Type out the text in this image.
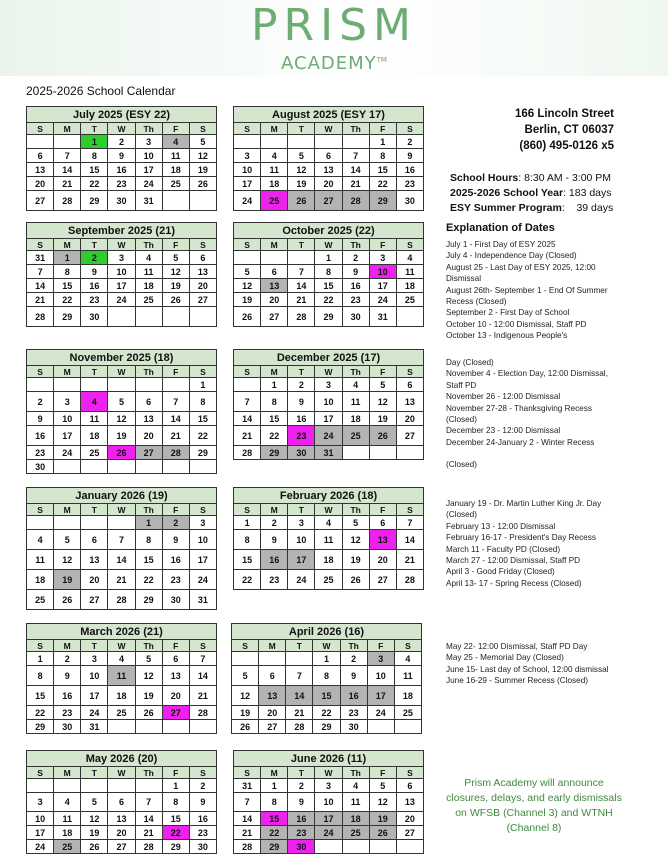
PRISM
ACADEMY™
2025-2026 School Calendar
July 2025 (ESY 22)						
S	M	T	W	Th	F	S
		1	2	3	4	5
6	7	8	9	10	11	12
13	14	15	16	17	18	19
20	21	22	23	24	25	26
27	28	29	30	31		
August 2025 (ESY 17)						
S	M	T	W	Th	F	S
					1	2
3	4	5	6	7	8	9
10	11	12	13	14	15	16
17	18	19	20	21	22	23
24	25	26	27	28	29	30
September 2025 (21)						
S	M	T	W	Th	F	S
31	1	2	3	4	5	6
7	8	9	10	11	12	13
14	15	16	17	18	19	20
21	22	23	24	25	26	27
28	29	30				
October 2025 (22)						
S	M	T	W	Th	F	S
			1	2	3	4
5	6	7	8	9	10	11
12	13	14	15	16	17	18
19	20	21	22	23	24	25
26	27	28	29	30	31	
November 2025 (18)						
S	M	T	W	Th	F	S
						1
2	3	4	5	6	7	8
9	10	11	12	13	14	15
16	17	18	19	20	21	22
23	24	25	26	27	28	29
30						
December 2025 (17)						
S	M	T	W	Th	F	S
	1	2	3	4	5	6
7	8	9	10	11	12	13
14	15	16	17	18	19	20
21	22	23	24	25	26	27
28	29	30	31			
January 2026 (19)						
S	M	T	W	Th	F	S
				1	2	3
4	5	6	7	8	9	10
11	12	13	14	15	16	17
18	19	20	21	22	23	24
25	26	27	28	29	30	31
February 2026 (18)						
S	M	T	W	Th	F	S
1	2	3	4	5	6	7
8	9	10	11	12	13	14
15	16	17	18	19	20	21
22	23	24	25	26	27	28
March 2026 (21)						
S	M	T	W	Th	F	S
1	2	3	4	5	6	7
8	9	10	11	12	13	14
15	16	17	18	19	20	21
22	23	24	25	26	27	28
29	30	31				
April 2026 (16)						
S	M	T	W	Th	F	S
			1	2	3	4
5	6	7	8	9	10	11
12	13	14	15	16	17	18
19	20	21	22	23	24	25
26	27	28	29	30		
May 2026 (20)						
S	M	T	W	Th	F	S
					1	2
3	4	5	6	7	8	9
10	11	12	13	14	15	16
17	18	19	20	21	22	23
24	25	26	27	28	29	30
June 2026 (11)						
S	M	T	W	Th	F	S
31	1	2	3	4	5	6
7	8	9	10	11	12	13
14	15	16	17	18	19	20
21	22	23	24	25	26	27
28	29	30				
166 Lincoln Street
Berlin, CT 06037
(860) 495-0126 x5
School Hours: 8:30 AM - 3:00 PM
2025-2026 School Year: 183 days
ESY Summer Program:    39 days
Explanation of Dates
July 1 - First Day of ESY 2025
July 4 - Independence Day (Closed)
August 25 - Last Day of ESY 2025, 12:00 Dismissal
August 26th- September 1 - End Of Summer Recess (Closed)
September 2 - First Day of School
October 10 - 12:00 Dismissal, Staff PD
October 13 - Indigenous People's
Day (Closed)
November 4 - Election Day, 12:00 Dismissal, Staff PD
November 26 - 12:00 Dismissal
November 27-28 - Thanksgiving Recess (Closed)
December 23 - 12:00 Dismissal
December 24-January 2 - Winter Recess
(Closed)
January 19 - Dr. Martin Luther King Jr. Day (Closed)
February 13 - 12:00 Dismissal
February 16-17 - President's Day Recess
March 11 - Faculty PD (Closed)
March 27 - 12:00 Dismissal, Staff PD
April 3 - Good Friday (Closed)
April 13- 17 - Spring Recess (Closed)
May 22- 12:00 Dismissal, Staff PD Day
May 25 - Memorial Day (Closed)
June 15- Last day of School, 12:00 dismissal
June 16-29 - Summer Recess (Closed)
Prism Academy will announce closures, delays, and early dismissals on WFSB (Channel 3) and WTNH (Channel 8)
